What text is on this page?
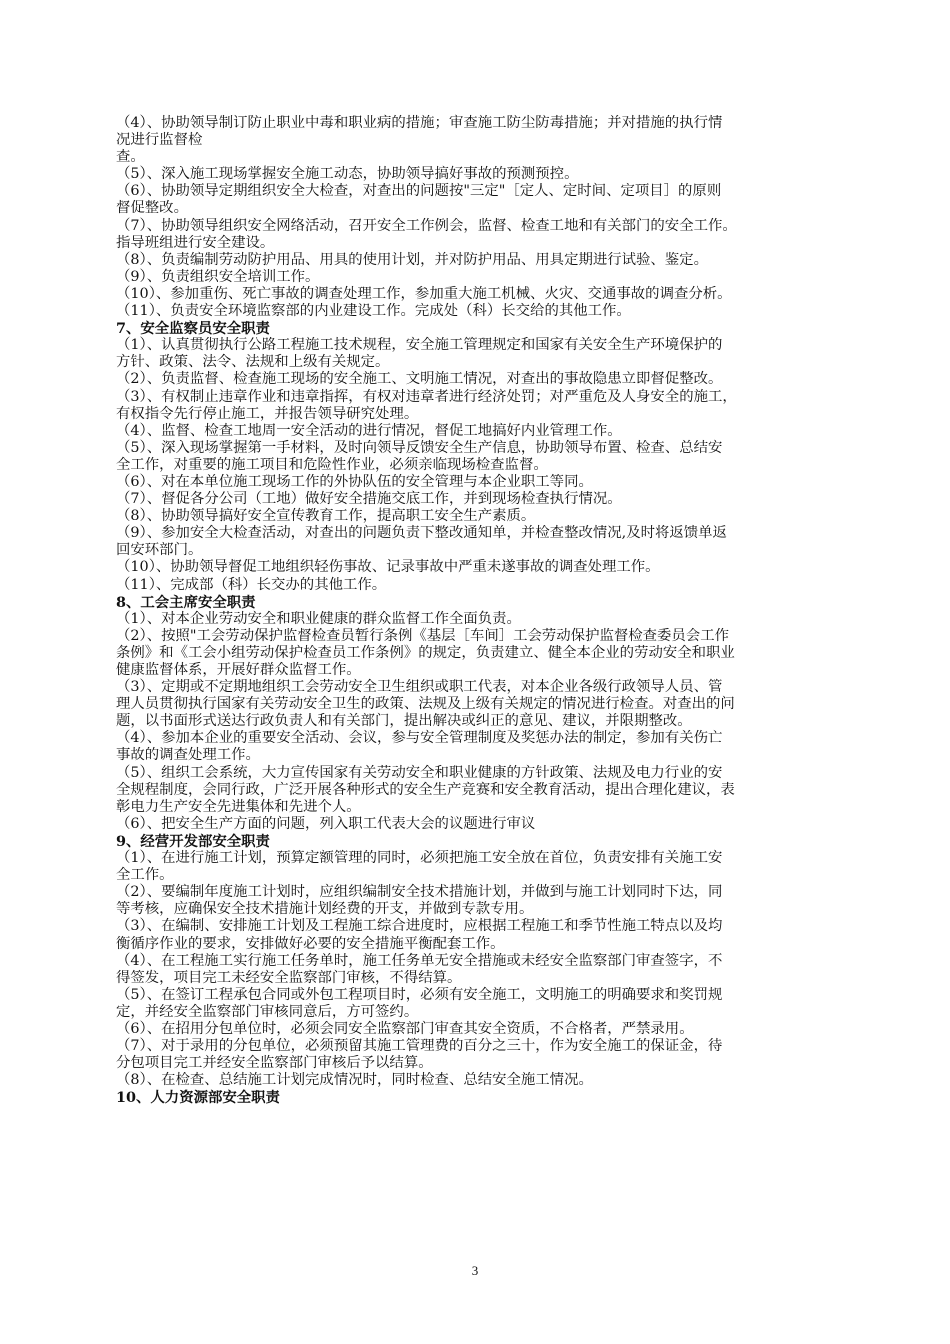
（4）、协助领导制订防止职业中毒和职业病的措施；审查施工防尘防毒措施；并对措施的执行情
况进行监督检
查。

（5）、深入施工现场掌握安全施工动态，协助领导搞好事故的预测预控。

（6）、协助领导定期组织安全大检查，对查出的问题按"三定"［定人、定时间、定项目］的原则
督促整改。

（7）、协助领导组织安全网络活动，召开安全工作例会，监督、检查工地和有关部门的安全工作。
指导班组进行安全建设。

（8）、负责编制劳动防护用品、用具的使用计划，并对防护用品、用具定期进行试验、鉴定。

（9）、负责组织安全培训工作。

（10）、参加重伤、死亡事故的调查处理工作，参加重大施工机械、火灾、交通事故的调查分析。

（11）、负责安全环境监察部的内业建设工作。完成处（科）长交给的其他工作。

7、安全监察员安全职责

（1）、认真贯彻执行公路工程施工技术规程，安全施工管理规定和国家有关安全生产环境保护的
方针、政策、法令、法规和上级有关规定。

（2）、负责监督、检查施工现场的安全施工、文明施工情况，对查出的事故隐患立即督促整改。

（3）、有权制止违章作业和违章指挥，有权对违章者进行经济处罚；对严重危及人身安全的施工，
有权指令先行停止施工，并报告领导研究处理。

（4）、监督、检查工地周一安全活动的进行情况，督促工地搞好内业管理工作。

（5）、深入现场掌握第一手材料，及时向领导反馈安全生产信息，协助领导布置、检查、总结安
全工作，对重要的施工项目和危险性作业，必须亲临现场检查监督。

（6）、对在本单位施工现场工作的外协队伍的安全管理与本企业职工等同。

（7）、督促各分公司（工地）做好安全措施交底工作，并到现场检查执行情况。

（8）、协助领导搞好安全宣传教育工作，提高职工安全生产素质。

（9）、参加安全大检查活动，对查出的问题负责下整改通知单，并检查整改情况,及时将返馈单返
回安环部门。

（10）、协助领导督促工地组织轻伤事故、记录事故中严重未遂事故的调查处理工作。

（11）、完成部（科）长交办的其他工作。

8、工会主席安全职责

（1）、对本企业劳动安全和职业健康的群众监督工作全面负责。

（2）、按照"工会劳动保护监督检查员暂行条例《基层［车间］工会劳动保护监督检查委员会工作
条例》和《工会小组劳动保护检查员工作条例》的规定，负责建立、健全本企业的劳动安全和职业
健康监督体系，开展好群众监督工作。

（3）、定期或不定期地组织工会劳动安全卫生组织或职工代表，对本企业各级行政领导人员、管
理人员贯彻执行国家有关劳动安全卫生的政策、法规及上级有关规定的情况进行检查。对查出的问
题，以书面形式送达行政负责人和有关部门，提出解决或纠正的意见、建议，并限期整改。

（4）、参加本企业的重要安全活动、会议，参与安全管理制度及奖惩办法的制定，参加有关伤亡
事故的调查处理工作。

（5）、组织工会系统，大力宣传国家有关劳动安全和职业健康的方针政策、法规及电力行业的安
全规程制度，会同行政，广泛开展各种形式的安全生产竞赛和安全教育活动，提出合理化建议，表
彰电力生产安全先进集体和先进个人。

（6）、把安全生产方面的问题，列入职工代表大会的议题进行审议

9、经营开发部安全职责

（1）、在进行施工计划，预算定额管理的同时，必须把施工安全放在首位，负责安排有关施工安
全工作。

（2）、要编制年度施工计划时，应组织编制安全技术措施计划，并做到与施工计划同时下达，同
等考核，应确保安全技术措施计划经费的开支，并做到专款专用。

（3）、在编制、安排施工计划及工程施工综合进度时，应根据工程施工和季节性施工特点以及均
衡循序作业的要求，安排做好必要的安全措施平衡配套工作。

（4）、在工程施工实行施工任务单时，施工任务单无安全措施或未经安全监察部门审查签字，不
得签发，项目完工未经安全监察部门审核，不得结算。

（5）、在签订工程承包合同或外包工程项目时，必须有安全施工，文明施工的明确要求和奖罚规
定，并经安全监察部门审核同意后，方可签约。

（6）、在招用分包单位时，必须会同安全监察部门审查其安全资质，不合格者，严禁录用。

（7）、对于录用的分包单位，必须预留其施工管理费的百分之三十，作为安全施工的保证金，待
分包项目完工并经安全监察部门审核后予以结算。

（8）、在检查、总结施工计划完成情况时，同时检查、总结安全施工情况。

10、人力资源部安全职责

3
